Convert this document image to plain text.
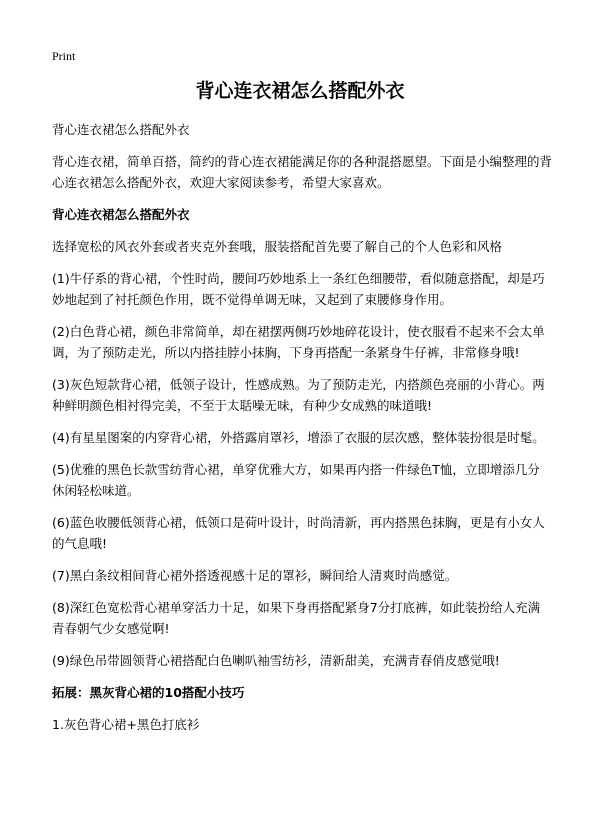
Print
背心连衣裙怎么搭配外衣

背心连衣裙怎么搭配外衣

背心连衣裙，简单百搭，简约的背心连衣裙能满足你的各种混搭愿望。下面是小编整理的背心连衣裙怎么搭配外衣，欢迎大家阅读参考，希望大家喜欢。

背心连衣裙怎么搭配外衣

选择宽松的风衣外套或者夹克外套哦，服装搭配首先要了解自己的个人色彩和风格

(1)牛仔系的背心裙，个性时尚，腰间巧妙地系上一条红色细腰带，看似随意搭配，却是巧妙地起到了衬托颜色作用，既不觉得单调无味，又起到了束腰修身作用。

(2)白色背心裙，颜色非常简单，却在裙摆两侧巧妙地碎花设计，使衣服看不起来不会太单调，为了预防走光，所以内搭挂脖小抹胸，下身再搭配一条紧身牛仔裤，非常修身哦!

(3)灰色短款背心裙，低领子设计，性感成熟。为了预防走光，内搭颜色亮丽的小背心。两种鲜明颜色相衬得完美，不至于太聒噪无味，有种少女成熟的味道哦!

(4)有星星图案的内穿背心裙，外搭露肩罩衫，增添了衣服的层次感，整体装扮很是时髦。

(5)优雅的黑色长款雪纺背心裙，单穿优雅大方，如果再内搭一件绿色T恤，立即增添几分休闲轻松味道。

(6)蓝色收腰低领背心裙，低领口是荷叶设计，时尚清新，再内搭黑色抹胸，更是有小女人的气息哦!

(7)黑白条纹相间背心裙外搭透视感十足的罩衫，瞬间给人清爽时尚感觉。

(8)深红色宽松背心裙单穿活力十足，如果下身再搭配紧身7分打底裤，如此装扮给人充满青春朝气少女感觉啊!

(9)绿色吊带圆领背心裙搭配白色喇叭袖雪纺衫，清新甜美，充满青春俏皮感觉哦!

拓展：黑灰背心裙的10搭配小技巧

1.灰色背心裙+黑色打底衫
